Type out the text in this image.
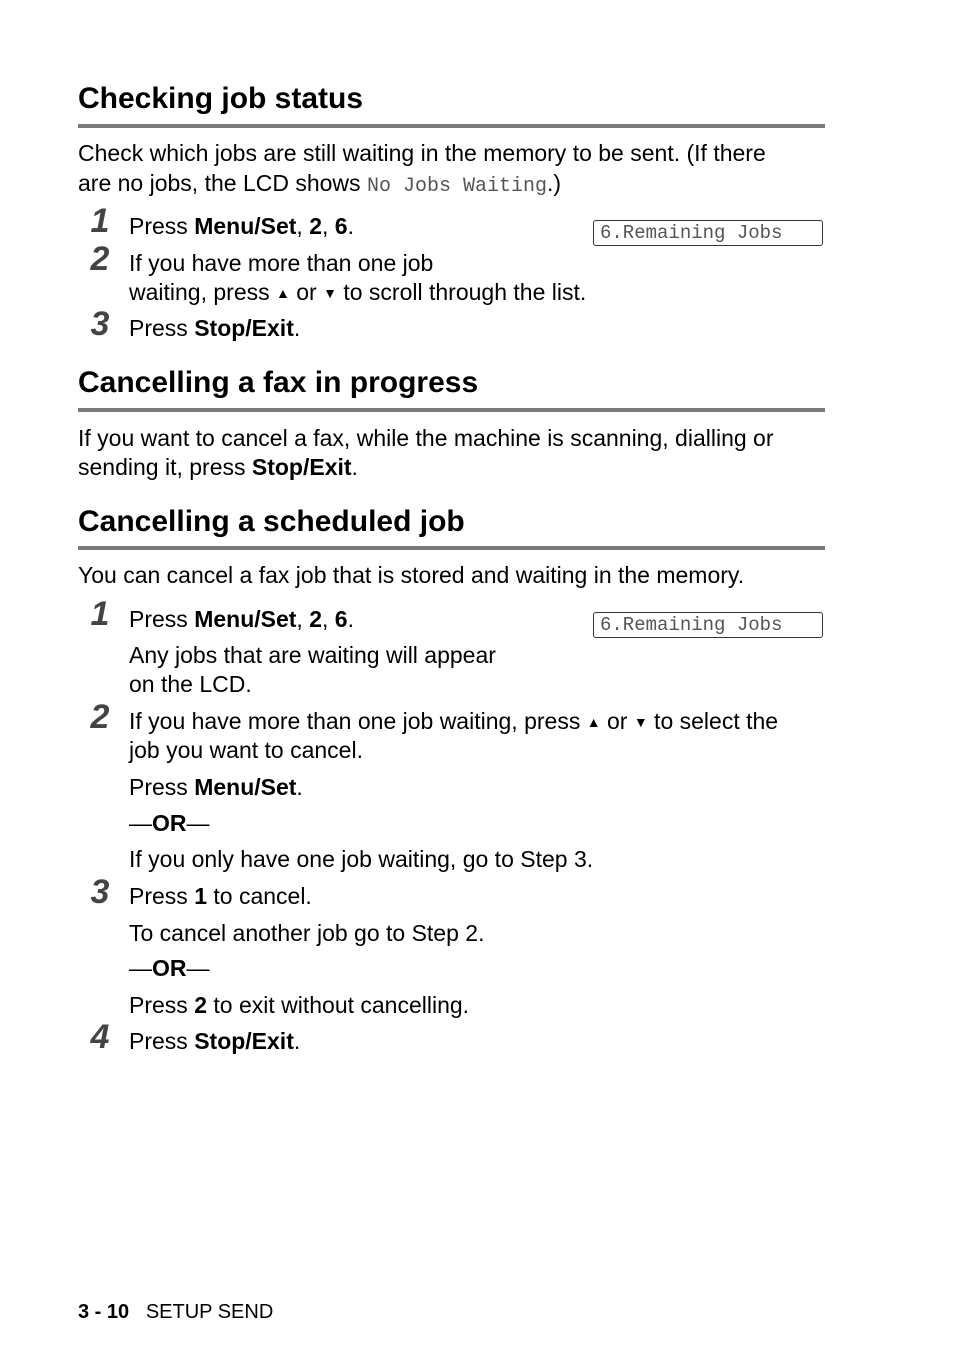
Checking job status
Check which jobs are still waiting in the memory to be sent. (If there
are no jobs, the LCD shows No Jobs Waiting.)
1 Press Menu/Set, 2, 6.	6.Remaining Jobs
2 If you have more than one job
waiting, press ▲ or ▼ to scroll through the list.
3 Press Stop/Exit.
Cancelling a fax in progress
If you want to cancel a fax, while the machine is scanning, dialling or
sending it, press Stop/Exit.
Cancelling a scheduled job
You can cancel a fax job that is stored and waiting in the memory.
1 Press Menu/Set, 2, 6.	6.Remaining Jobs
Any jobs that are waiting will appear
on the LCD.
2 If you have more than one job waiting, press ▲ or ▼ to select the
job you want to cancel.
Press Menu/Set.
—OR—
If you only have one job waiting, go to Step 3.
3 Press 1 to cancel.
To cancel another job go to Step 2.
—OR—
Press 2 to exit without cancelling.
4 Press Stop/Exit.
3 - 10 SETUP SEND
